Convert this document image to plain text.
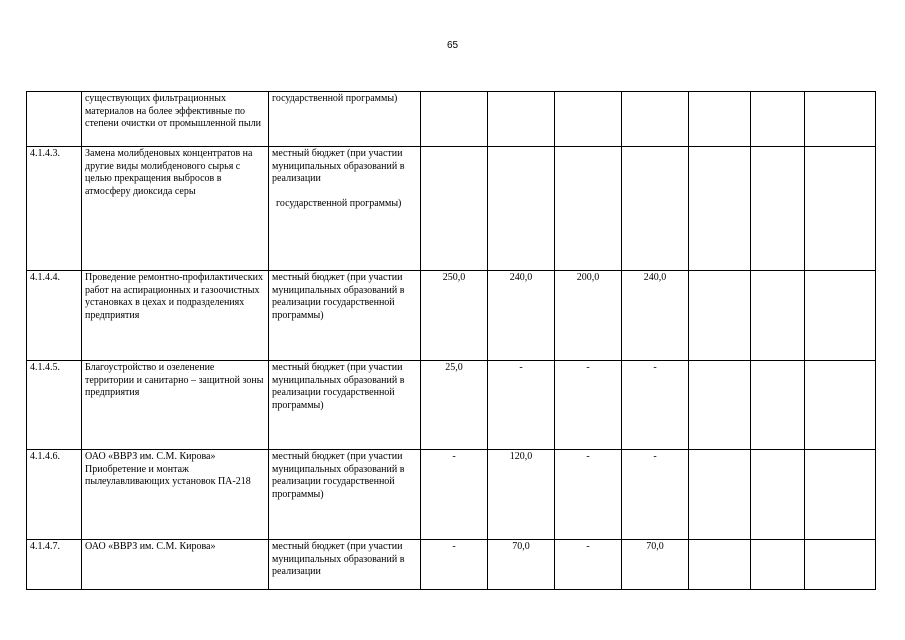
65
	существующих фильтрационных материалов на более эффективные по степени очистки от промышленной пыли	государственной программы)							
4.1.4.3.	Замена молибденовых концентратов на другие виды молибденового сырья с целью прекращения выбросов в атмосферу диоксида серы	местный бюджет (при участии муниципальных образований в реализации
государственной программы)							

4.1.4.4.	Проведение ремонтно-профилактических работ на аспирационных и газоочистных установках в цехах и подразделениях предприятия	местный бюджет (при участии муниципальных образований в реализации государственной программы)	250,0	240,0	200,0	240,0			
4.1.4.5.	Благоустройство и озеленение территории и санитарно – защитной зоны предприятия	местный бюджет (при участии муниципальных образований в реализации государственной программы)	25,0	-	-	-			
4.1.4.6.	ОАО «ВВРЗ им. С.М. Кирова» Приобретение и монтаж пылеулавливающих установок ПА-218	местный бюджет (при участии муниципальных образований в реализации государственной программы)	-	120,0	-	-			
4.1.4.7.	ОАО «ВВРЗ им. С.М. Кирова»	местный бюджет (при участии муниципальных образований в реализации	-	70,0	-	70,0			
